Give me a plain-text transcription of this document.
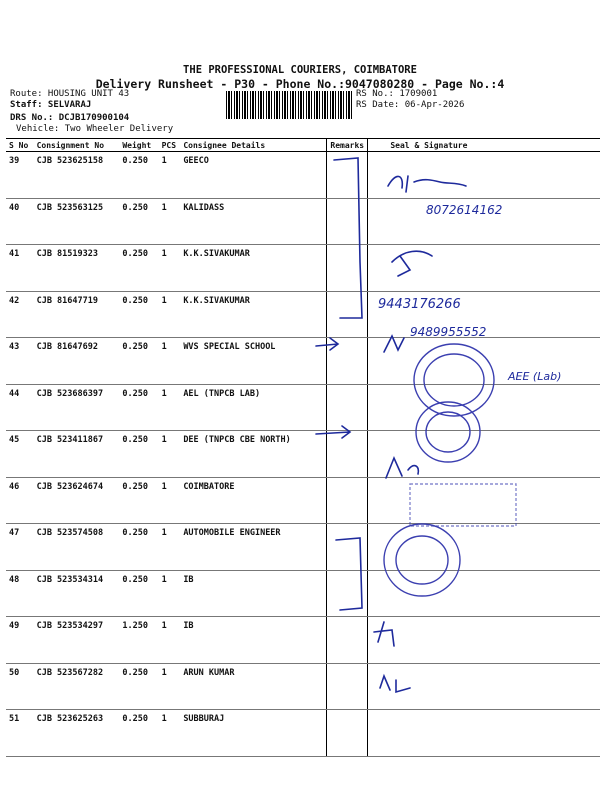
THE PROFESSIONAL COURIERS, COIMBATORE
Delivery Runsheet - P30 - Phone No.:9047080280 - Page No.:4
Route: HOUSING UNIT 43
Staff: SELVARAJ
DRS No.: DCJB170900104
Vehicle: Two Wheeler Delivery
RS No.: 1709001
RS Date: 06-Apr-2026
S No	Consignment No	Weight	PCS	Consignee Details	Remarks	Seal & Signature
39	CJB 523625158	0.250	1	GEECO		
40	CJB 523563125	0.250	1	KALIDASS		
41	CJB 81519323	0.250	1	K.K.SIVAKUMAR		
42	CJB 81647719	0.250	1	K.K.SIVAKUMAR		
43	CJB 81647692	0.250	1	WVS SPECIAL SCHOOL		
44	CJB 523686397	0.250	1	AEL (TNPCB LAB)		
45	CJB 523411867	0.250	1	DEE (TNPCB CBE NORTH)		
46	CJB 523624674	0.250	1	COIMBATORE		
47	CJB 523574508	0.250	1	AUTOMOBILE ENGINEER		
48	CJB 523534314	0.250	1	IB		
49	CJB 523534297	1.250	1	IB		
50	CJB 523567282	0.250	1	ARUN KUMAR		
51	CJB 523625263	0.250	1	SUBBURAJ		
8072614162
9443176266
9489955552
AEE (Lab)
